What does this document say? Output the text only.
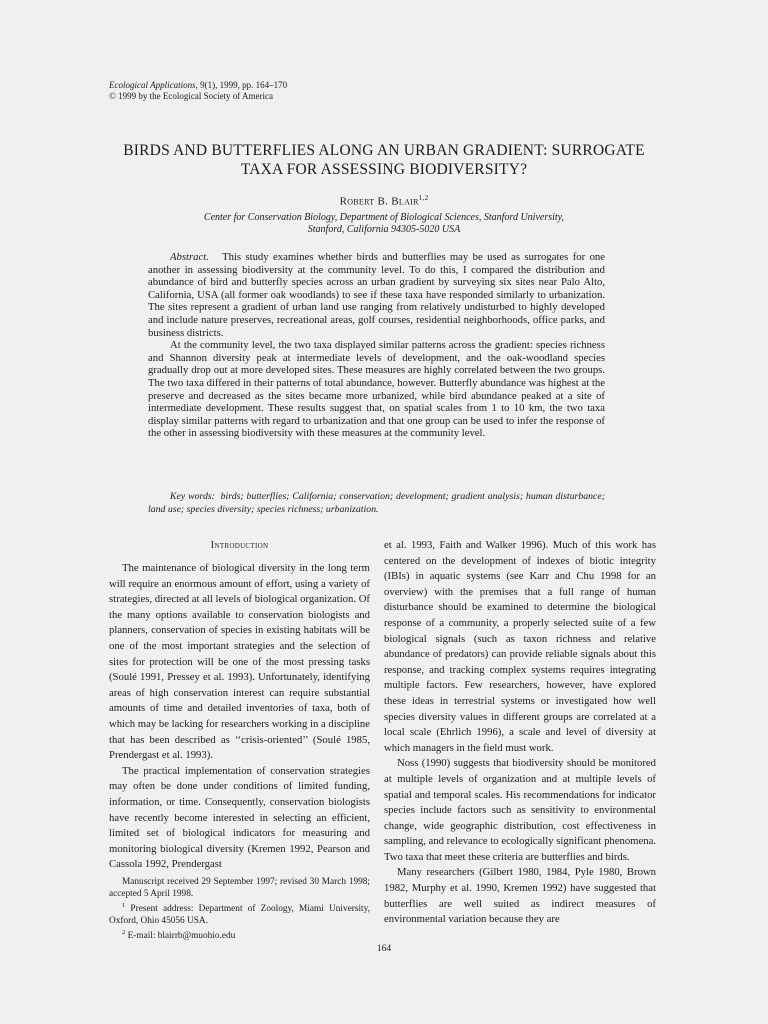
Ecological Applications, 9(1), 1999, pp. 164–170
© 1999 by the Ecological Society of America
BIRDS AND BUTTERFLIES ALONG AN URBAN GRADIENT: SURROGATE
TAXA FOR ASSESSING BIODIVERSITY?
Robert B. Blair$^{1,2}$
Center for Conservation Biology, Department of Biological Sciences, Stanford University,
Stanford, California 94305-5020 USA

Abstract. This study examines whether birds and butterflies may be used as surrogates for one another in assessing biodiversity at the community level. To do this, I compared the distribution and abundance of bird and butterfly species across an urban gradient by surveying six sites near Palo Alto, California, USA (all former oak woodlands) to see if these taxa have responded similarly to urbanization. The sites represent a gradient of urban land use ranging from relatively undisturbed to highly developed and include nature preserves, recreational areas, golf courses, residential neighborhoods, office parks, and business districts.

At the community level, the two taxa displayed similar patterns across the gradient: species richness and Shannon diversity peak at intermediate levels of development, and the oak-woodland species gradually drop out at more developed sites. These measures are highly correlated between the two groups. The two taxa differed in their patterns of total abundance, however. Butterfly abundance was highest at the preserve and decreased as the sites became more urbanized, while bird abundance peaked at a site of intermediate development. These results suggest that, on spatial scales from 1 to 10 km, the two taxa display similar patterns with regard to urbanization and that one group can be used to infer the response of the other in assessing biodiversity with these measures at the community level.

Key words: birds; butterflies; California; conservation; development; gradient analysis; human disturbance; land use; species diversity; species richness; urbanization.
Introduction

The maintenance of biological diversity in the long term will require an enormous amount of effort, using a variety of strategies, directed at all levels of biological organization. Of the many options available to conservation biologists and planners, conservation of species in existing habitats will be one of the most important strategies and the selection of sites for protection will be one of the most pressing tasks (Soulé 1991, Pressey et al. 1993). Unfortunately, identifying areas of high conservation interest can require substantial amounts of time and detailed inventories of taxa, both of which may be lacking for researchers working in a discipline that has been described as ‘‘crisis-oriented’’ (Soulé 1985, Prendergast et al. 1993).

The practical implementation of conservation strategies may often be done under conditions of limited funding, information, or time. Consequently, conservation biologists have recently become interested in selecting an efficient, limited set of biological indicators for measuring and monitoring biological diversity (Kremen 1992, Pearson and Cassola 1992, Prendergast

et al. 1993, Faith and Walker 1996). Much of this work has centered on the development of indexes of biotic integrity (IBIs) in aquatic systems (see Karr and Chu 1998 for an overview) with the premises that a full range of human disturbance should be examined to determine the biological response of a community, a properly selected suite of a few biological signals (such as taxon richness and relative abundance of predators) can provide reliable signals about this response, and tracking complex systems requires integrating multiple factors. Few researchers, however, have explored these ideas in terrestrial systems or investigated how well species diversity values in different groups are correlated at a local scale (Ehrlich 1996), a scale and level of diversity at which managers in the field must work.

Noss (1990) suggests that biodiversity should be monitored at multiple levels of organization and at multiple levels of spatial and temporal scales. His recommendations for indicator species include factors such as sensitivity to environmental change, wide geographic distribution, cost effectiveness in sampling, and relevance to ecologically significant phenomena. Two taxa that meet these criteria are butterflies and birds.

Many researchers (Gilbert 1980, 1984, Pyle 1980, Brown 1982, Murphy et al. 1990, Kremen 1992) have suggested that butterflies are well suited as indirect measures of environmental variation because they are

Manuscript received 29 September 1997; revised 30 March 1998; accepted 5 April 1998.

$^1$ Present address: Department of Zoology, Miami University, Oxford, Ohio 45056 USA.

$^2$ E-mail: blairrb@muohio.edu

164
